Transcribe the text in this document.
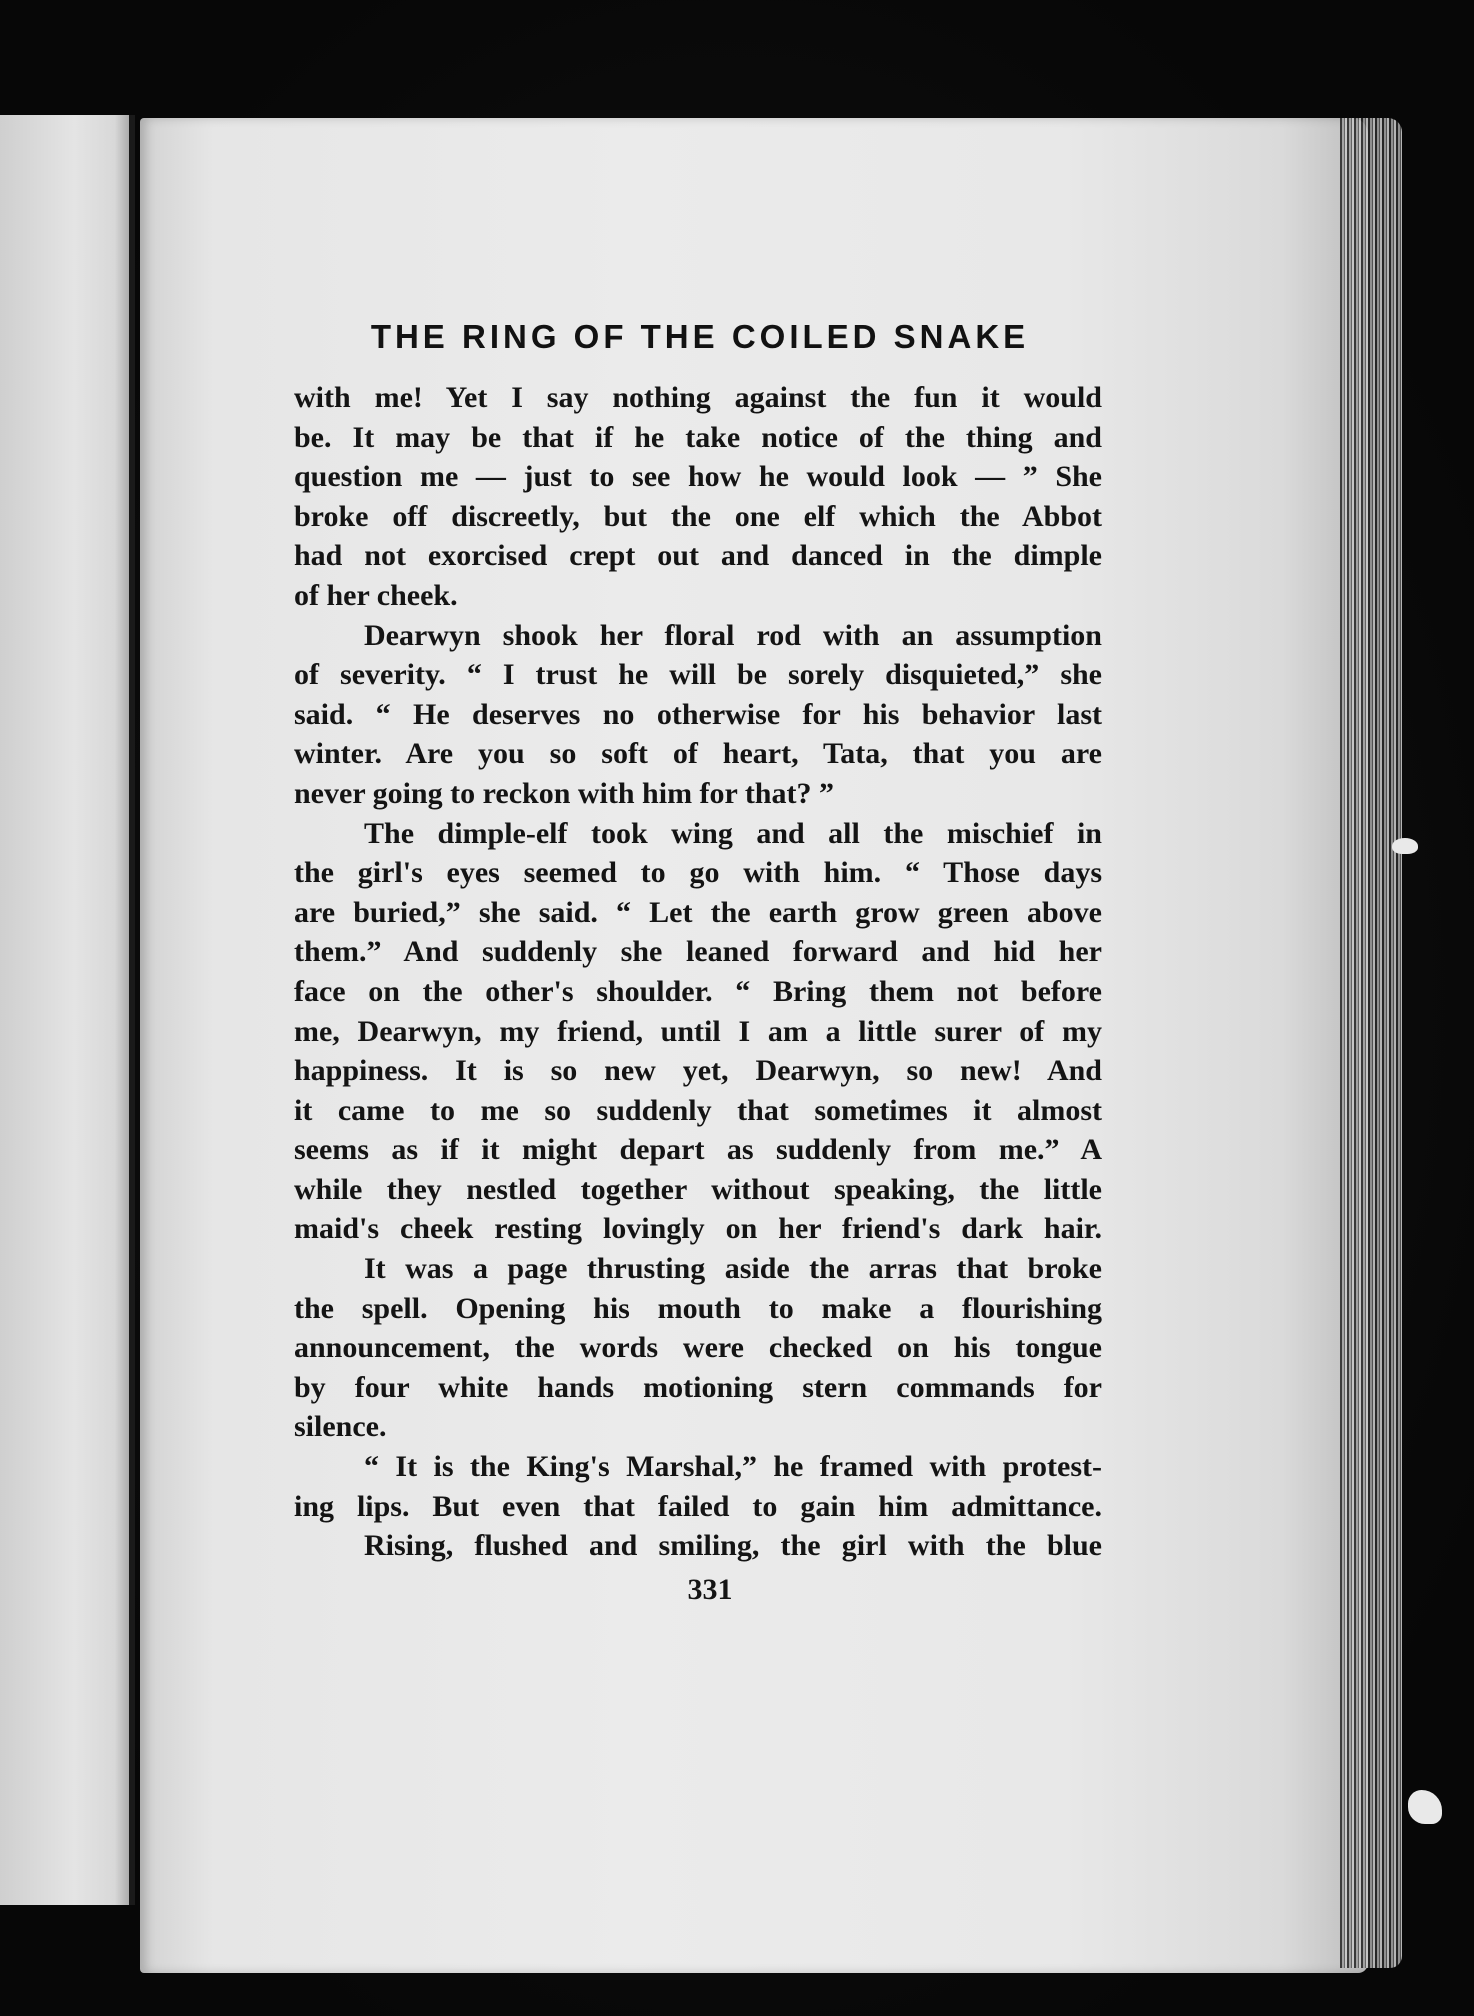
THE RING OF THE COILED SNAKE
with me! Yet I say nothing against the fun it would
be. It may be that if he take notice of the thing and
question me — just to see how he would look — ” She
broke off discreetly, but the one elf which the Abbot
had not exorcised crept out and danced in the dimple
of her cheek.
Dearwyn shook her floral rod with an assumption
of severity. “ I trust he will be sorely disquieted,” she
said. “ He deserves no otherwise for his behavior last
winter. Are you so soft of heart, Tata, that you are
never going to reckon with him for that? ”
The dimple-elf took wing and all the mischief in
the girl's eyes seemed to go with him. “ Those days
are buried,” she said. “ Let the earth grow green above
them.” And suddenly she leaned forward and hid her
face on the other's shoulder. “ Bring them not before
me, Dearwyn, my friend, until I am a little surer of my
happiness. It is so new yet, Dearwyn, so new! And
it came to me so suddenly that sometimes it almost
seems as if it might depart as suddenly from me.” A
while they nestled together without speaking, the little
maid's cheek resting lovingly on her friend's dark hair.
It was a page thrusting aside the arras that broke
the spell. Opening his mouth to make a flourishing
announcement, the words were checked on his tongue
by four white hands motioning stern commands for
silence.
“ It is the King's Marshal,” he framed with protest-
ing lips. But even that failed to gain him admittance.
Rising, flushed and smiling, the girl with the blue
331
